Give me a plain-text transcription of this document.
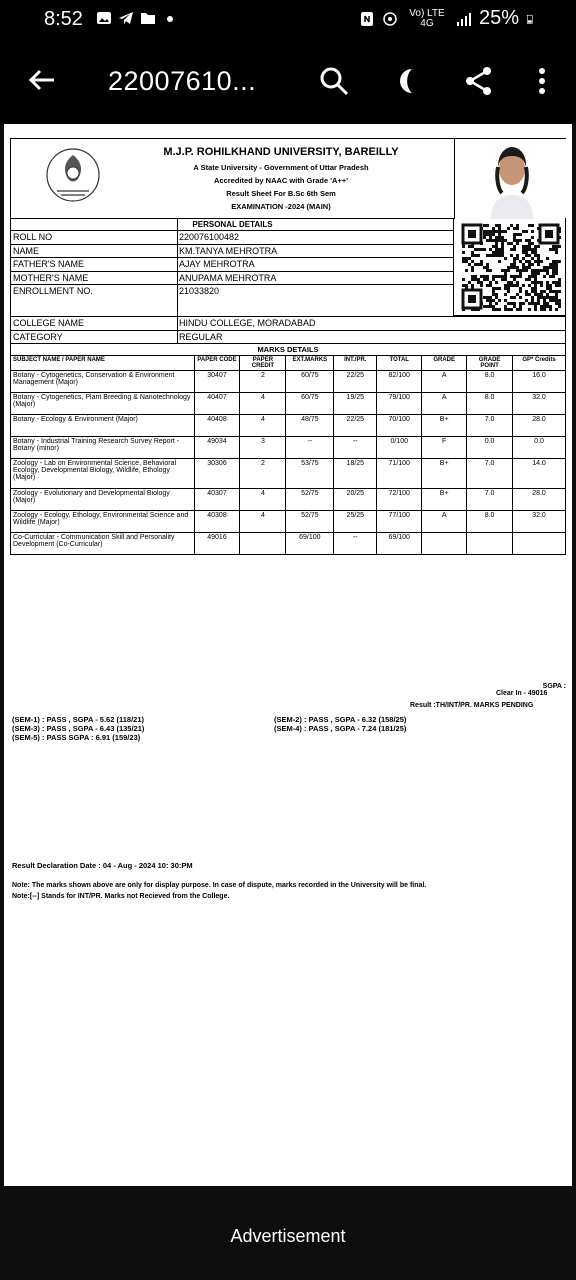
8:52	Vo) LTE 4G	25%
22007610...
M.J.P. ROHILKHAND UNIVERSITY, BAREILLY
A State University - Government of Uttar Pradesh
Accredited by NAAC with Grade 'A++'
Result Sheet For B.Sc 6th Sem
EXAMINATION -2024 (MAIN)
PERSONAL DETAILS
ROLL NO	220076100482
NAME	KM.TANYA MEHROTRA
FATHER'S NAME	AJAY MEHROTRA
MOTHER'S NAME	ANUPAMA MEHROTRA
ENROLLMENT NO.	21033820
COLLEGE NAME	HINDU COLLEGE, MORADABAD
CATEGORY	REGULAR
MARKS DETAILS								
SUBJECT NAME / PAPER NAME	PAPER CODE	PAPER CREDIT	EXT.MARKS	INT./PR.	TOTAL	GRADE	GRADE POINT	GP* Credits
Botany - Cytogenetics, Conservation & Environment Management (Major)	30407	2	60/75	22/25	82/100	A	8.0	16.0
Botany - Cytogenetics, Plant Breeding & Nanotechnology (Major)	40407	4	60/75	19/25	79/100	A	8.0	32.0
Botany - Ecology & Environment (Major)	40408	4	48/75	22/25	70/100	B+	7.0	28.0
Botany - Industrial Training Research Survey Report - Botany (minor)	49034	3	--	--	0/100	F	0.0	0.0
Zoology - Lab on Environmental Science, Behavioral Ecology, Developmental Biology, Wildlife, Ethology (Major)	30306	2	53/75	18/25	71/100	B+	7.0	14.0
Zoology - Evolutionary and Developmental Biology (Major)	40307	4	52/75	20/25	72/100	B+	7.0	28.0
Zoology - Ecology, Ethology, Environmental Science and Wildlife (Major)	40308	4	52/75	25/25	77/100	A	8.0	32.0
Co-Curricular - Communication Skill and Personality Development (Co-Curricular)	49016		69/100	--	69/100			
SGPA :
Clear In - 49016
Result :TH/INT/PR. MARKS PENDING
(SEM-1) : PASS , SGPA - 5.62 (118/21)
(SEM-3) : PASS , SGPA - 6.43 (135/21)
(SEM-5) : PASS SGPA : 6.91 (159/23)
(SEM-2) : PASS , SGPA - 6.32 (158/25)
(SEM-4) : PASS , SGPA - 7.24 (181/25)
Result Declaration Date : 04 - Aug - 2024 10: 30:PM
Note: The marks shown above are only for display purpose. In case of dispute, marks recorded in the University will be final.
Note:[--] Stands for INT/PR. Marks not Recieved from the College.
Advertisement
